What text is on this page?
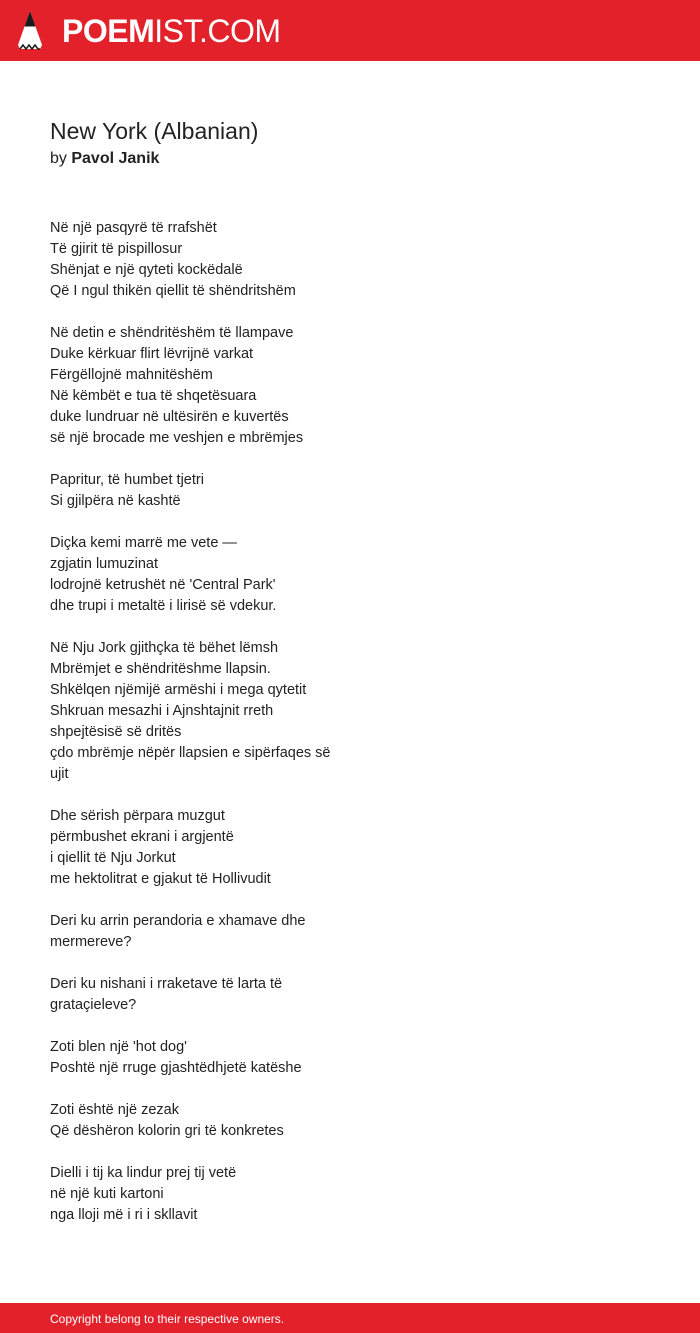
POEMIST.COM
New York (Albanian)
by Pavol Janik

Në një pasqyrë të rrafshët
Të gjirit të pispillosur
Shënjat e një qyteti kockëdalë
Që I ngul thikën qiellit të shëndritshëm

Në detin e shëndritëshëm të llampave
Duke kërkuar flirt lëvrijnë varkat
Fërgëllojnë mahnitëshëm
Në këmbët e tua të shqetësuara
duke lundruar në ultësirën e kuvertës
së një brocade me veshjen e mbrëmjes

Papritur, të humbet tjetri
Si gjilpëra në kashtë

Diçka kemi marrë me vete —
zgjatin lumuzinat
lodrojnë ketrushët në 'Central Park'
dhe trupi i metaltë i lirisë së vdekur.

Në Nju Jork gjithçka të bëhet lëmsh
Mbrëmjet e shëndritëshme llapsin.
Shkëlqen njëmijë armëshi i mega qytetit
Shkruan mesazhi i Ajnshtajnit rreth
shpejtësisë së dritës
çdo mbrëmje nëpër llapsien e sipërfaqes së
ujit

Dhe sërish përpara muzgut
përmbushet ekrani i argjentë
i qiellit të Nju Jorkut
me hektolitrat e gjakut të Hollivudit

Deri ku arrin perandoria e xhamave dhe
mermereve?

Deri ku nishani i rraketave të larta të
grataçieleve?

Zoti blen një 'hot dog'
Poshtë një rruge gjashtëdhjetë katëshe

Zoti është një zezak
Që dëshëron kolorin gri të konkretes

Dielli i tij ka lindur prej tij vetë
në një kuti kartoni
nga lloji më i ri i skllavit

Copyright belong to their respective owners.
